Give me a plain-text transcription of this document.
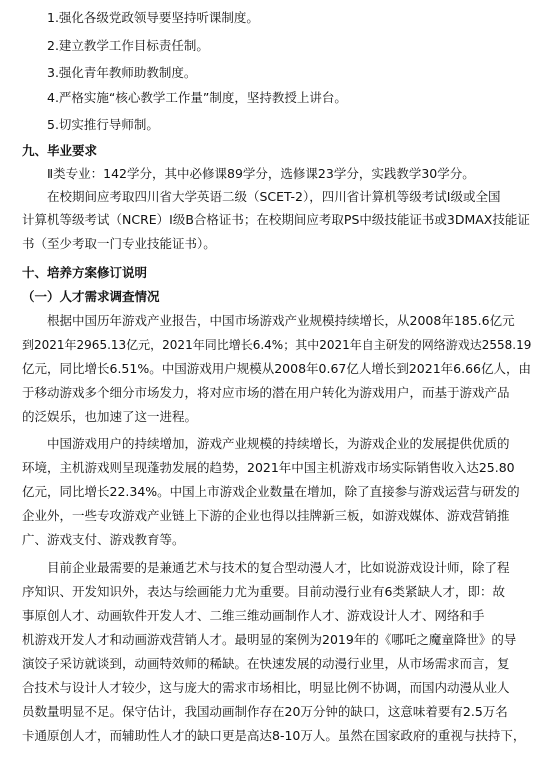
1.强化各级党政领导要坚持听课制度。
2.建立教学工作目标责任制。
3.强化青年教师助教制度。
4.严格实施“核心教学工作量”制度，坚持教授上讲台。
5.切实推行导师制。
九、毕业要求
Ⅱ类专业：142学分，其中必修课89学分，选修课23学分，实践教学30学分。
在校期间应考取四川省大学英语二级（SCET-2），四川省计算机等级考试Ⅰ级或全国
计算机等级考试（NCRE）Ⅰ级B合格证书；在校期间应考取PS中级技能证书或3DMAX技能证
书（至少考取一门专业技能证书）。
十、培养方案修订说明
（一）人才需求调查情况
根据中国历年游戏产业报告，中国市场游戏产业规模持续增长，从2008年185.6亿元
到2021年2965.13亿元，2021年同比增长6.4%；其中2021年自主研发的网络游戏达2558.19
亿元，同比增长6.51%。中国游戏用户规模从2008年0.67亿人增长到2021年6.66亿人，由
于移动游戏多个细分市场发力，将对应市场的潜在用户转化为游戏用户，而基于游戏产品
的泛娱乐，也加速了这一进程。
中国游戏用户的持续增加，游戏产业规模的持续增长，为游戏企业的发展提供优质的
环境，主机游戏则呈现蓬勃发展的趋势，2021年中国主机游戏市场实际销售收入达25.80
亿元，同比增长22.34%。中国上市游戏企业数量在增加，除了直接参与游戏运营与研发的
企业外，一些专攻游戏产业链上下游的企业也得以挂牌新三板，如游戏媒体、游戏营销推
广、游戏支付、游戏教育等。
目前企业最需要的是兼通艺术与技术的复合型动漫人才，比如说游戏设计师，除了程
序知识、开发知识外，表达与绘画能力尤为重要。目前动漫行业有6类紧缺人才，即：故
事原创人才、动画软件开发人才、二维三维动画制作人才、游戏设计人才、网络和手
机游戏开发人才和动画游戏营销人才。最明显的案例为2019年的《哪吒之魔童降世》的导
演饺子采访就谈到，动画特效师的稀缺。在快速发展的动漫行业里，从市场需求而言，复
合技术与设计人才较少，这与庞大的需求市场相比，明显比例不协调，而国内动漫从业人
员数量明显不足。保守估计，我国动画制作存在20万分钟的缺口，这意味着要有2.5万名
卡通原创人才，而辅助性人才的缺口更是高达8-10万人。虽然在国家政府的重视与扶持下，
